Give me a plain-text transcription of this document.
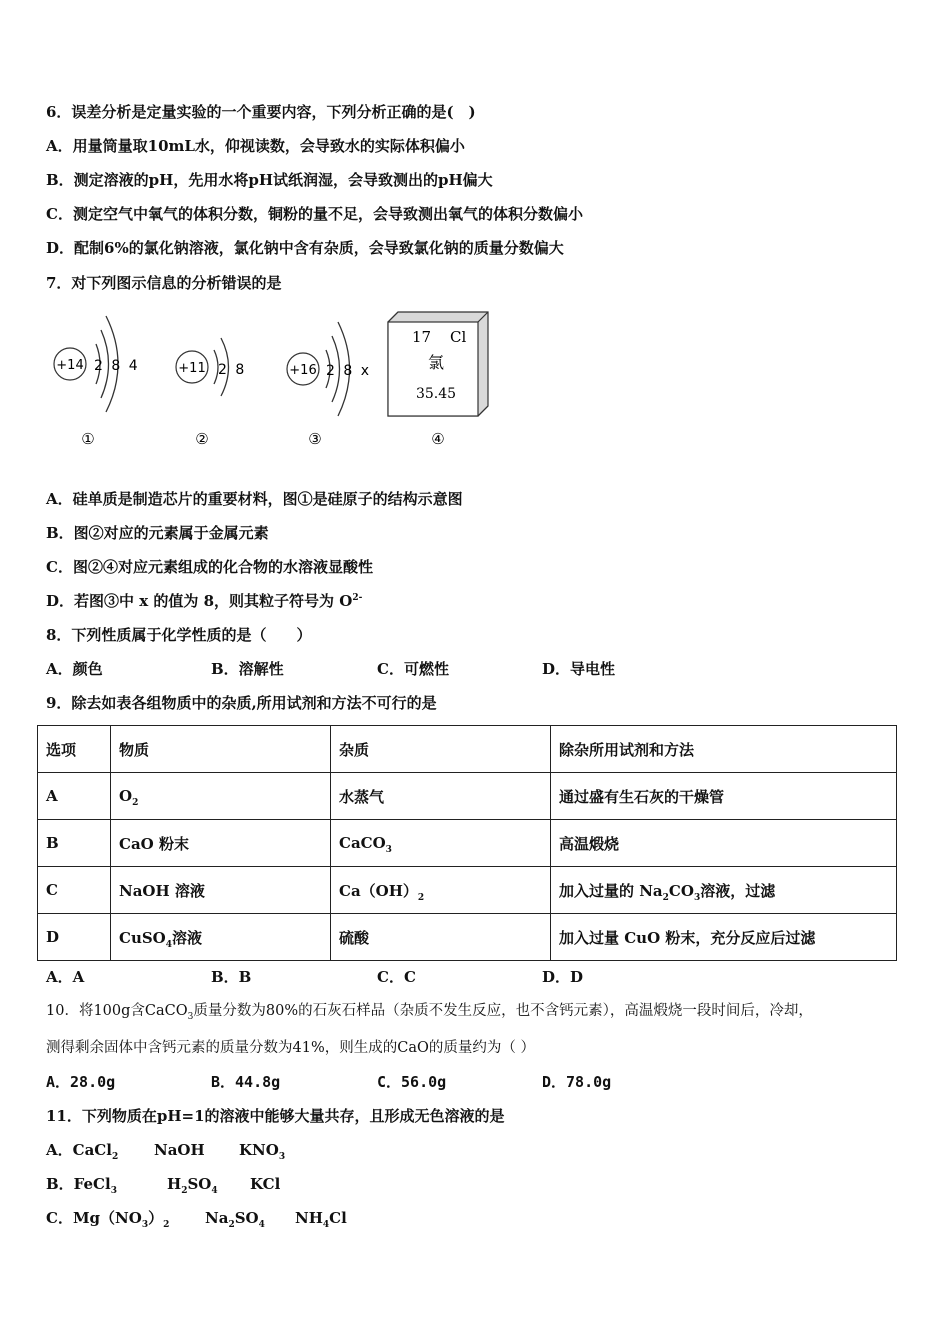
6．误差分析是定量实验的一个重要内容，下列分析正确的是(　)
A．用量筒量取10mL水，仰视读数，会导致水的实际体积偏小
B．测定溶液的pH，先用水将pH试纸润湿，会导致测出的pH偏大
C．测定空气中氧气的体积分数，铜粉的量不足，会导致测出氧气的体积分数偏小
D．配制6%的氯化钠溶液，氯化钠中含有杂质，会导致氯化钠的质量分数偏大
7．对下列图示信息的分析错误的是
+14 2 8 4
①
+11 2 8
②
+16 2 8 x
③
17 Cl
氯
35.45
④
A．硅单质是制造芯片的重要材料，图①是硅原子的结构示意图
B．图②对应的元素属于金属元素
C．图②④对应元素组成的化合物的水溶液显酸性
D．若图③中 x 的值为 8，则其粒子符号为 $O^{2-}$
8．下列性质属于化学性质的是（　　）
A．颜色	B．溶解性	C．可燃性	D．导电性
9．除去如表各组物质中的杂质,所用试剂和方法不可行的是
选项	物质	杂质	除杂所用试剂和方法
A	$O_2$	水蒸气	通过盛有生石灰的干燥管
B	CaO 粉末	CaCO$_3$	高温煅烧
C	NaOH 溶液	$Ca(OH)_2$	加入过量的 $Na_2CO_3$溶液，过滤
D	CuSO$_4$溶液	硫酸	加入过量 CuO 粉末，充分反应后过滤
A．A	B．B	C．C	D．D
10．将100g含CaCO$_3$质量分数为80%的石灰石样品（杂质不发生反应，也不含钙元素），高温煅烧一段时间后，冷却，
测得剩余固体中含钙元素的质量分数为41%，则生成的CaO的质量约为（ ）
A．28.0g	B．44.8g	C．56.0g	D．78.0g
11．下列物质在pH=1的溶液中能够大量共存，且形成无色溶液的是
A．CaCl$_2$ NaOH $KNO_3$
B．FeCl$_3$	$H_2SO_4$ KCl
C．$Mg(NO_3)_2$ $Na_2SO_4$ $NH_4Cl$
